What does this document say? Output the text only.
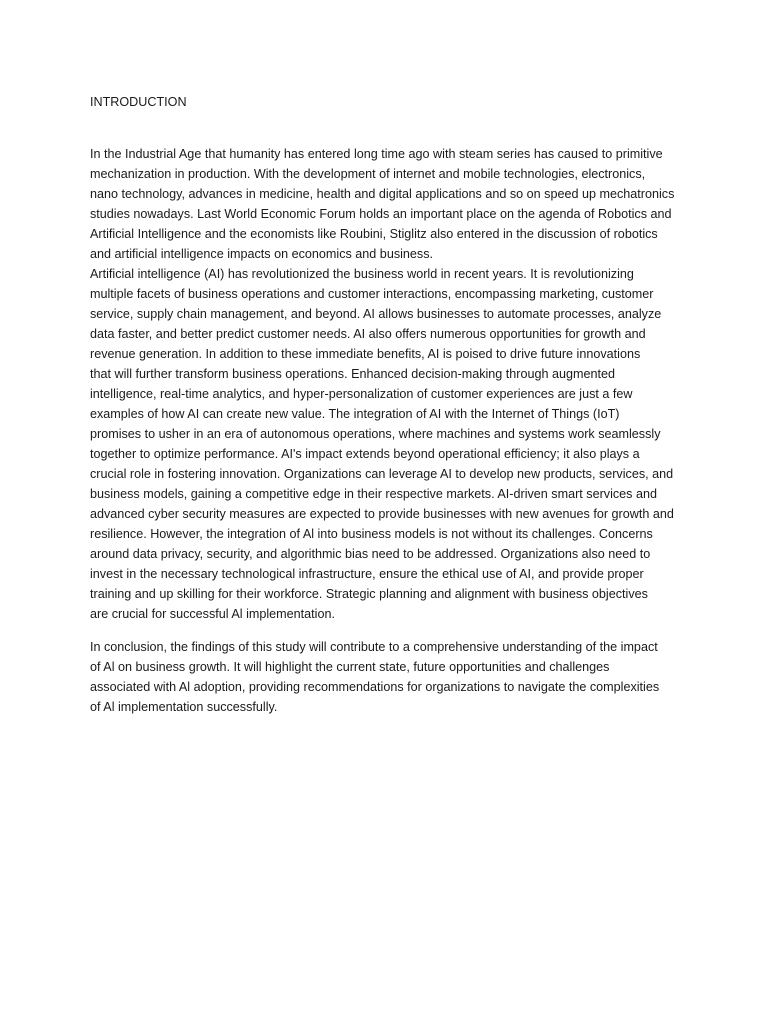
INTRODUCTION
In the Industrial Age that humanity has entered long time ago with steam series has caused to primitive
mechanization in production. With the development of internet and mobile technologies, electronics,
nano technology, advances in medicine, health and digital applications and so on speed up mechatronics
studies nowadays. Last World Economic Forum holds an important place on the agenda of Robotics and
Artificial Intelligence and the economists like Roubini, Stiglitz also entered in the discussion of robotics
and artificial intelligence impacts on economics and business.
Artificial intelligence (AI) has revolutionized the business world in recent years. It is revolutionizing
multiple facets of business operations and customer interactions, encompassing marketing, customer
service, supply chain management, and beyond. AI allows businesses to automate processes, analyze
data faster, and better predict customer needs. AI also offers numerous opportunities for growth and
revenue generation. In addition to these immediate benefits, AI is poised to drive future innovations
that will further transform business operations. Enhanced decision-making through augmented
intelligence, real-time analytics, and hyper-personalization of customer experiences are just a few
examples of how AI can create new value. The integration of AI with the Internet of Things (IoT)
promises to usher in an era of autonomous operations, where machines and systems work seamlessly
together to optimize performance. AI's impact extends beyond operational efficiency; it also plays a
crucial role in fostering innovation. Organizations can leverage AI to develop new products, services, and
business models, gaining a competitive edge in their respective markets. AI-driven smart services and
advanced cyber security measures are expected to provide businesses with new avenues for growth and
resilience. However, the integration of Al into business models is not without its challenges. Concerns
around data privacy, security, and algorithmic bias need to be addressed. Organizations also need to
invest in the necessary technological infrastructure, ensure the ethical use of AI, and provide proper
training and up skilling for their workforce. Strategic planning and alignment with business objectives
are crucial for successful Al implementation.
In conclusion, the findings of this study will contribute to a comprehensive understanding of the impact
of Al on business growth. It will highlight the current state, future opportunities and challenges
associated with Al adoption, providing recommendations for organizations to navigate the complexities
of Al implementation successfully.
